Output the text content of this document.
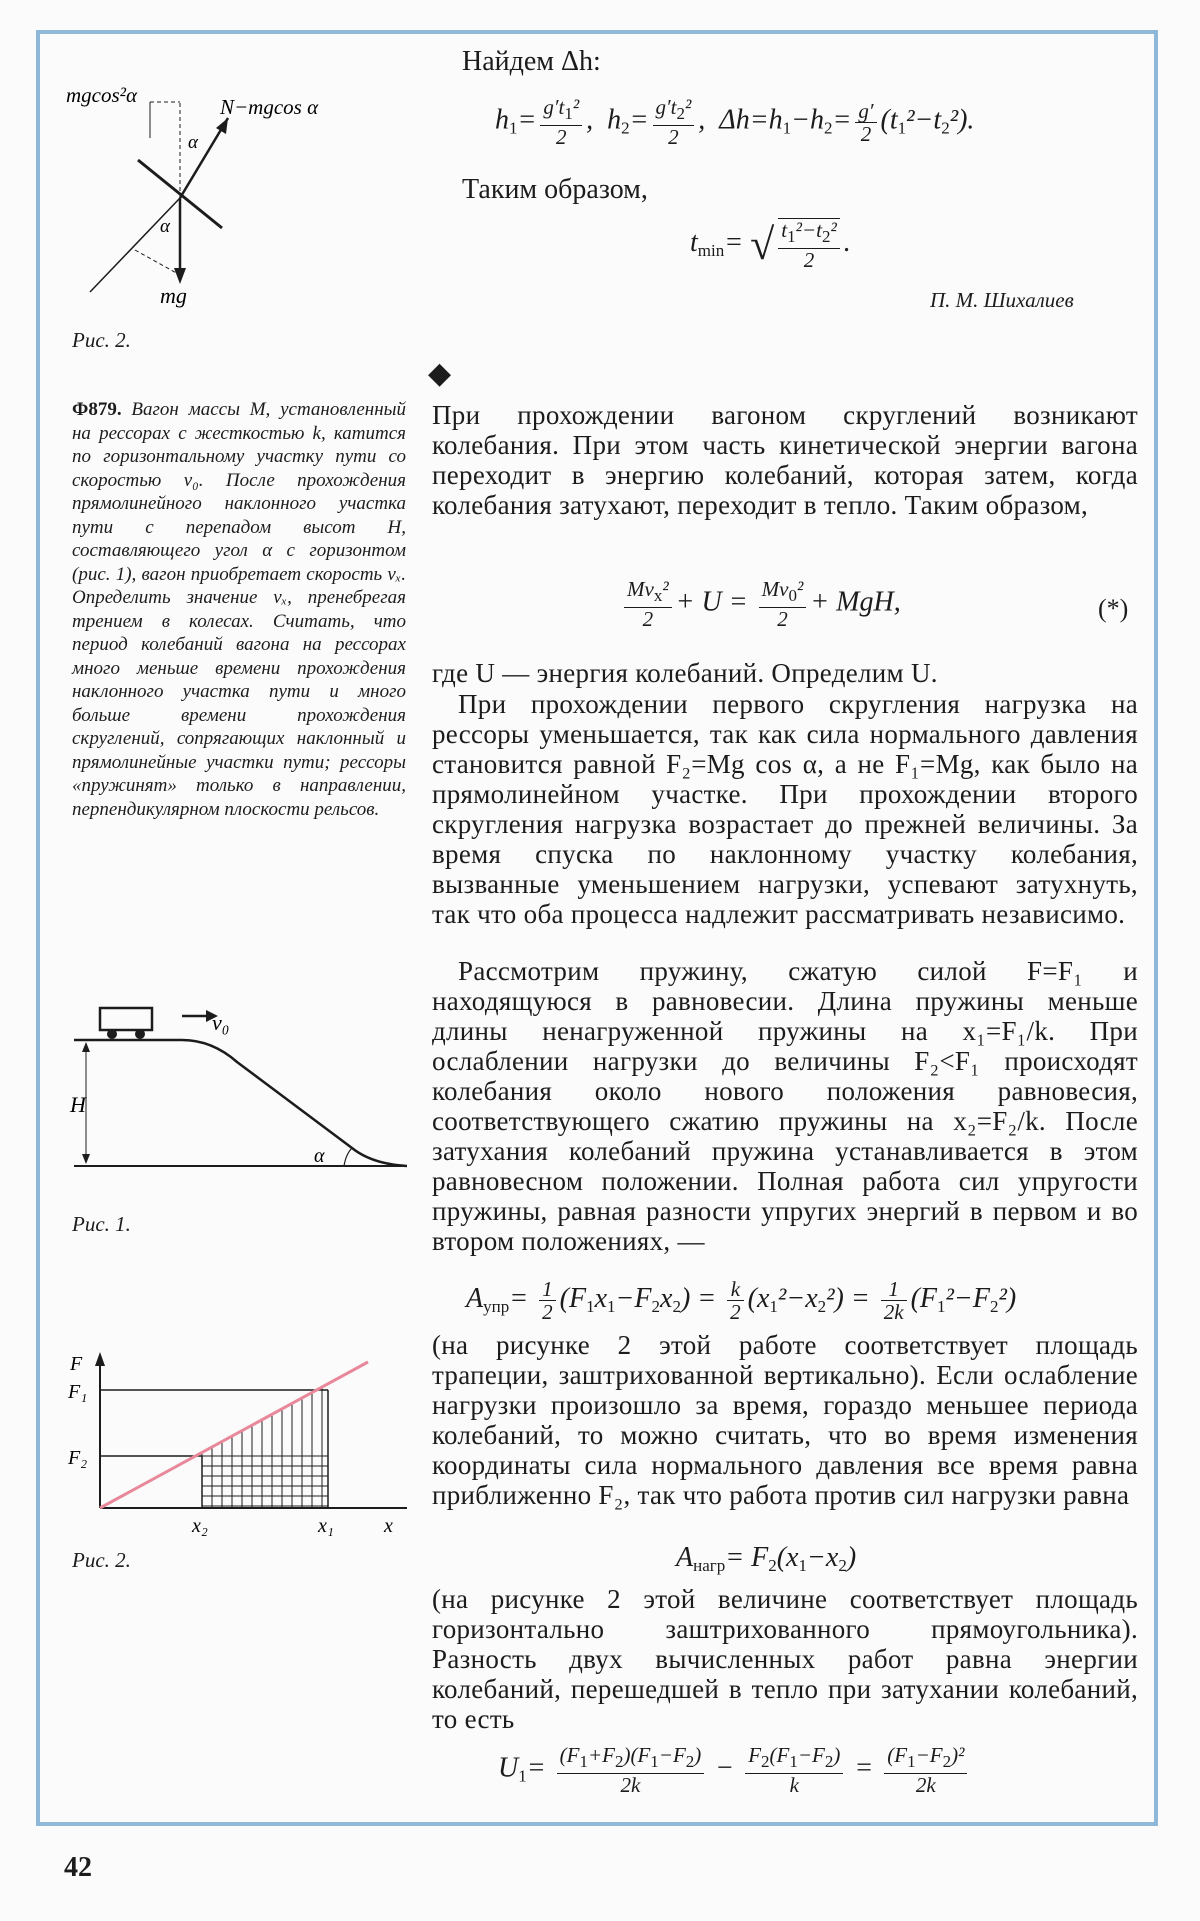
mgcos²α	N−mgcos α
α
α
mg
Рис. 2.
Найдем Δh:
$h_1= \frac{g't_1^2}{2}$ ,  $h_2= \frac{g't_2^2}{2}$ ,  $\Delta h=h_1-h_2= \frac{g'}{2} (t_1^2-t_2^2)$.
Таким образом,
$t_{min}=$ √ $\frac{t_1^2-t_2^2}{2}$ .
П. М. Шихалиев
Ф879. Вагон массы M, установленный на рессорах с жесткостью k, катится по горизонтальному участку пути со скоростью v₀. После прохождения прямолинейного наклонного участка пути с перепадом высот H, составляющего угол α с горизонтом (рис. 1), вагон приобретает скорость vₓ. Определить значение vₓ, пренебрегая трением в колесах. Считать, что период колебаний вагона на рессорах много меньше времени прохождения наклонного участка пути и много больше времени прохождения скруглений, сопрягающих наклонный и прямолинейные участки пути; рессоры «пружинят» только в направлении, перпендикулярном плоскости рельсов.
v₀
H
α
Рис. 1.
F
F₁
F₂
x₂	x₁	x
Рис. 2.
◆
При прохождении вагоном скруглений возникают колебания. При этом часть кинетической энергии вагона переходит в энергию колебаний, которая затем, когда колебания затухают, переходит в тепло. Таким образом,
$\frac{Mv_x^2}{2} + U = \frac{Mv_0^2}{2}$ + MgH,	(*)
где U — энергия колебаний. Определим U.
При прохождении первого скругления нагрузка на рессоры уменьшается, так как сила нормального давления становится равной F₂=Mg cos α, а не F₁=Mg, как было на прямолинейном участке. При прохождении второго скругления нагрузка возрастает до прежней величины. За время спуска по наклонному участку колебания, вызванные уменьшением нагрузки, успевают затухнуть, так что оба процесса надлежит рассматривать независимо.
Рассмотрим пружину, сжатую силой F=F₁ и находящуюся в равновесии. Длина пружины меньше длины ненагруженной пружины на x₁=F₁/k. При ослаблении нагрузки до величины F₂<F₁ происходят колебания около нового положения равновесия, соответствующего сжатию пружины на x₂=F₂/k. После затухания колебаний пружина устанавливается в этом равновесном положении. Полная работа сил упругости пружины, равная разности упругих энергий в первом и во втором положениях, —
$A_{упр}= \frac{1}{2} (F_1x_1-F_2x_2) = \frac{k}{2} (x_1^2-x_2^2) = \frac{1}{2k} (F_1^2-F_2^2)$
(на рисунке 2 этой работе соответствует площадь трапеции, заштрихованной вертикально). Если ослабление нагрузки произошло за время, гораздо меньшее периода колебаний, то можно считать, что во время изменения координаты сила нормального давления все время равна приближенно F₂, так что работа против сил нагрузки равна
$A_{нагр}= F_2(x_1-x_2)$
(на рисунке 2 этой величине соответствует площадь горизонтально заштрихованного прямоугольника). Разность двух вычисленных работ равна энергии колебаний, перешедшей в тепло при затухании колебаний, то есть
$U_1= \frac{(F_1+F_2)(F_1-F_2)}{2k} - \frac{F_2(F_1-F_2)}{k} = \frac{(F_1-F_2)^2}{2k}$
42
